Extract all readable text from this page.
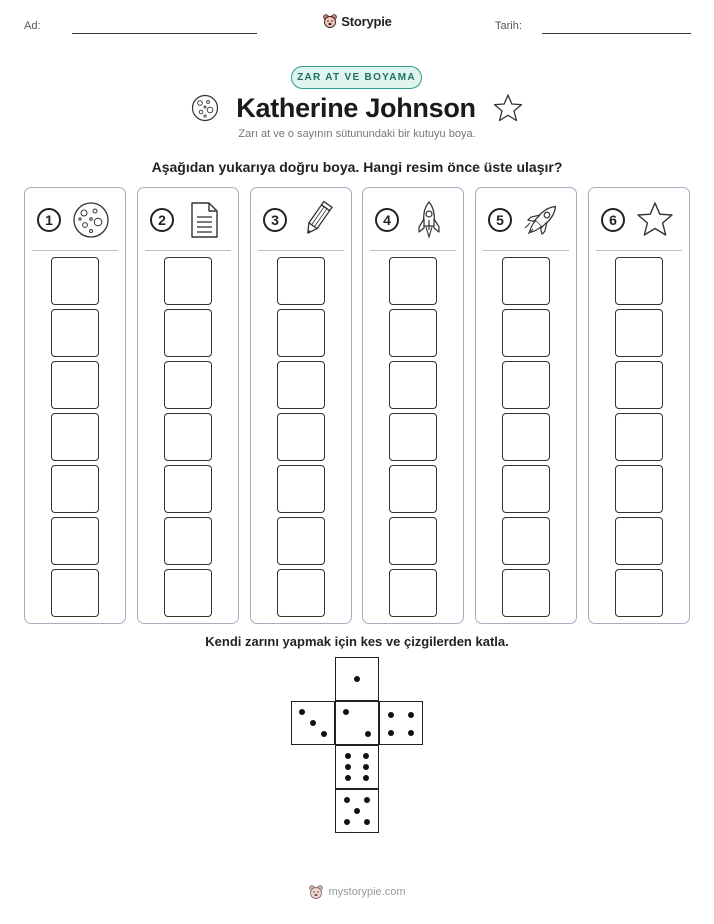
Ad:	Tarih:
Storypie
ZAR AT VE BOYAMA
Katherine Johnson
Zarı at ve o sayının sütunundaki bir kutuyu boya.
Aşağıdan yukarıya doğru boya. Hangi resim önce üste ulaşır?
1	2	3	4	5	6
Kendi zarını yapmak için kes ve çizgilerden katla.
mystorypie.com
